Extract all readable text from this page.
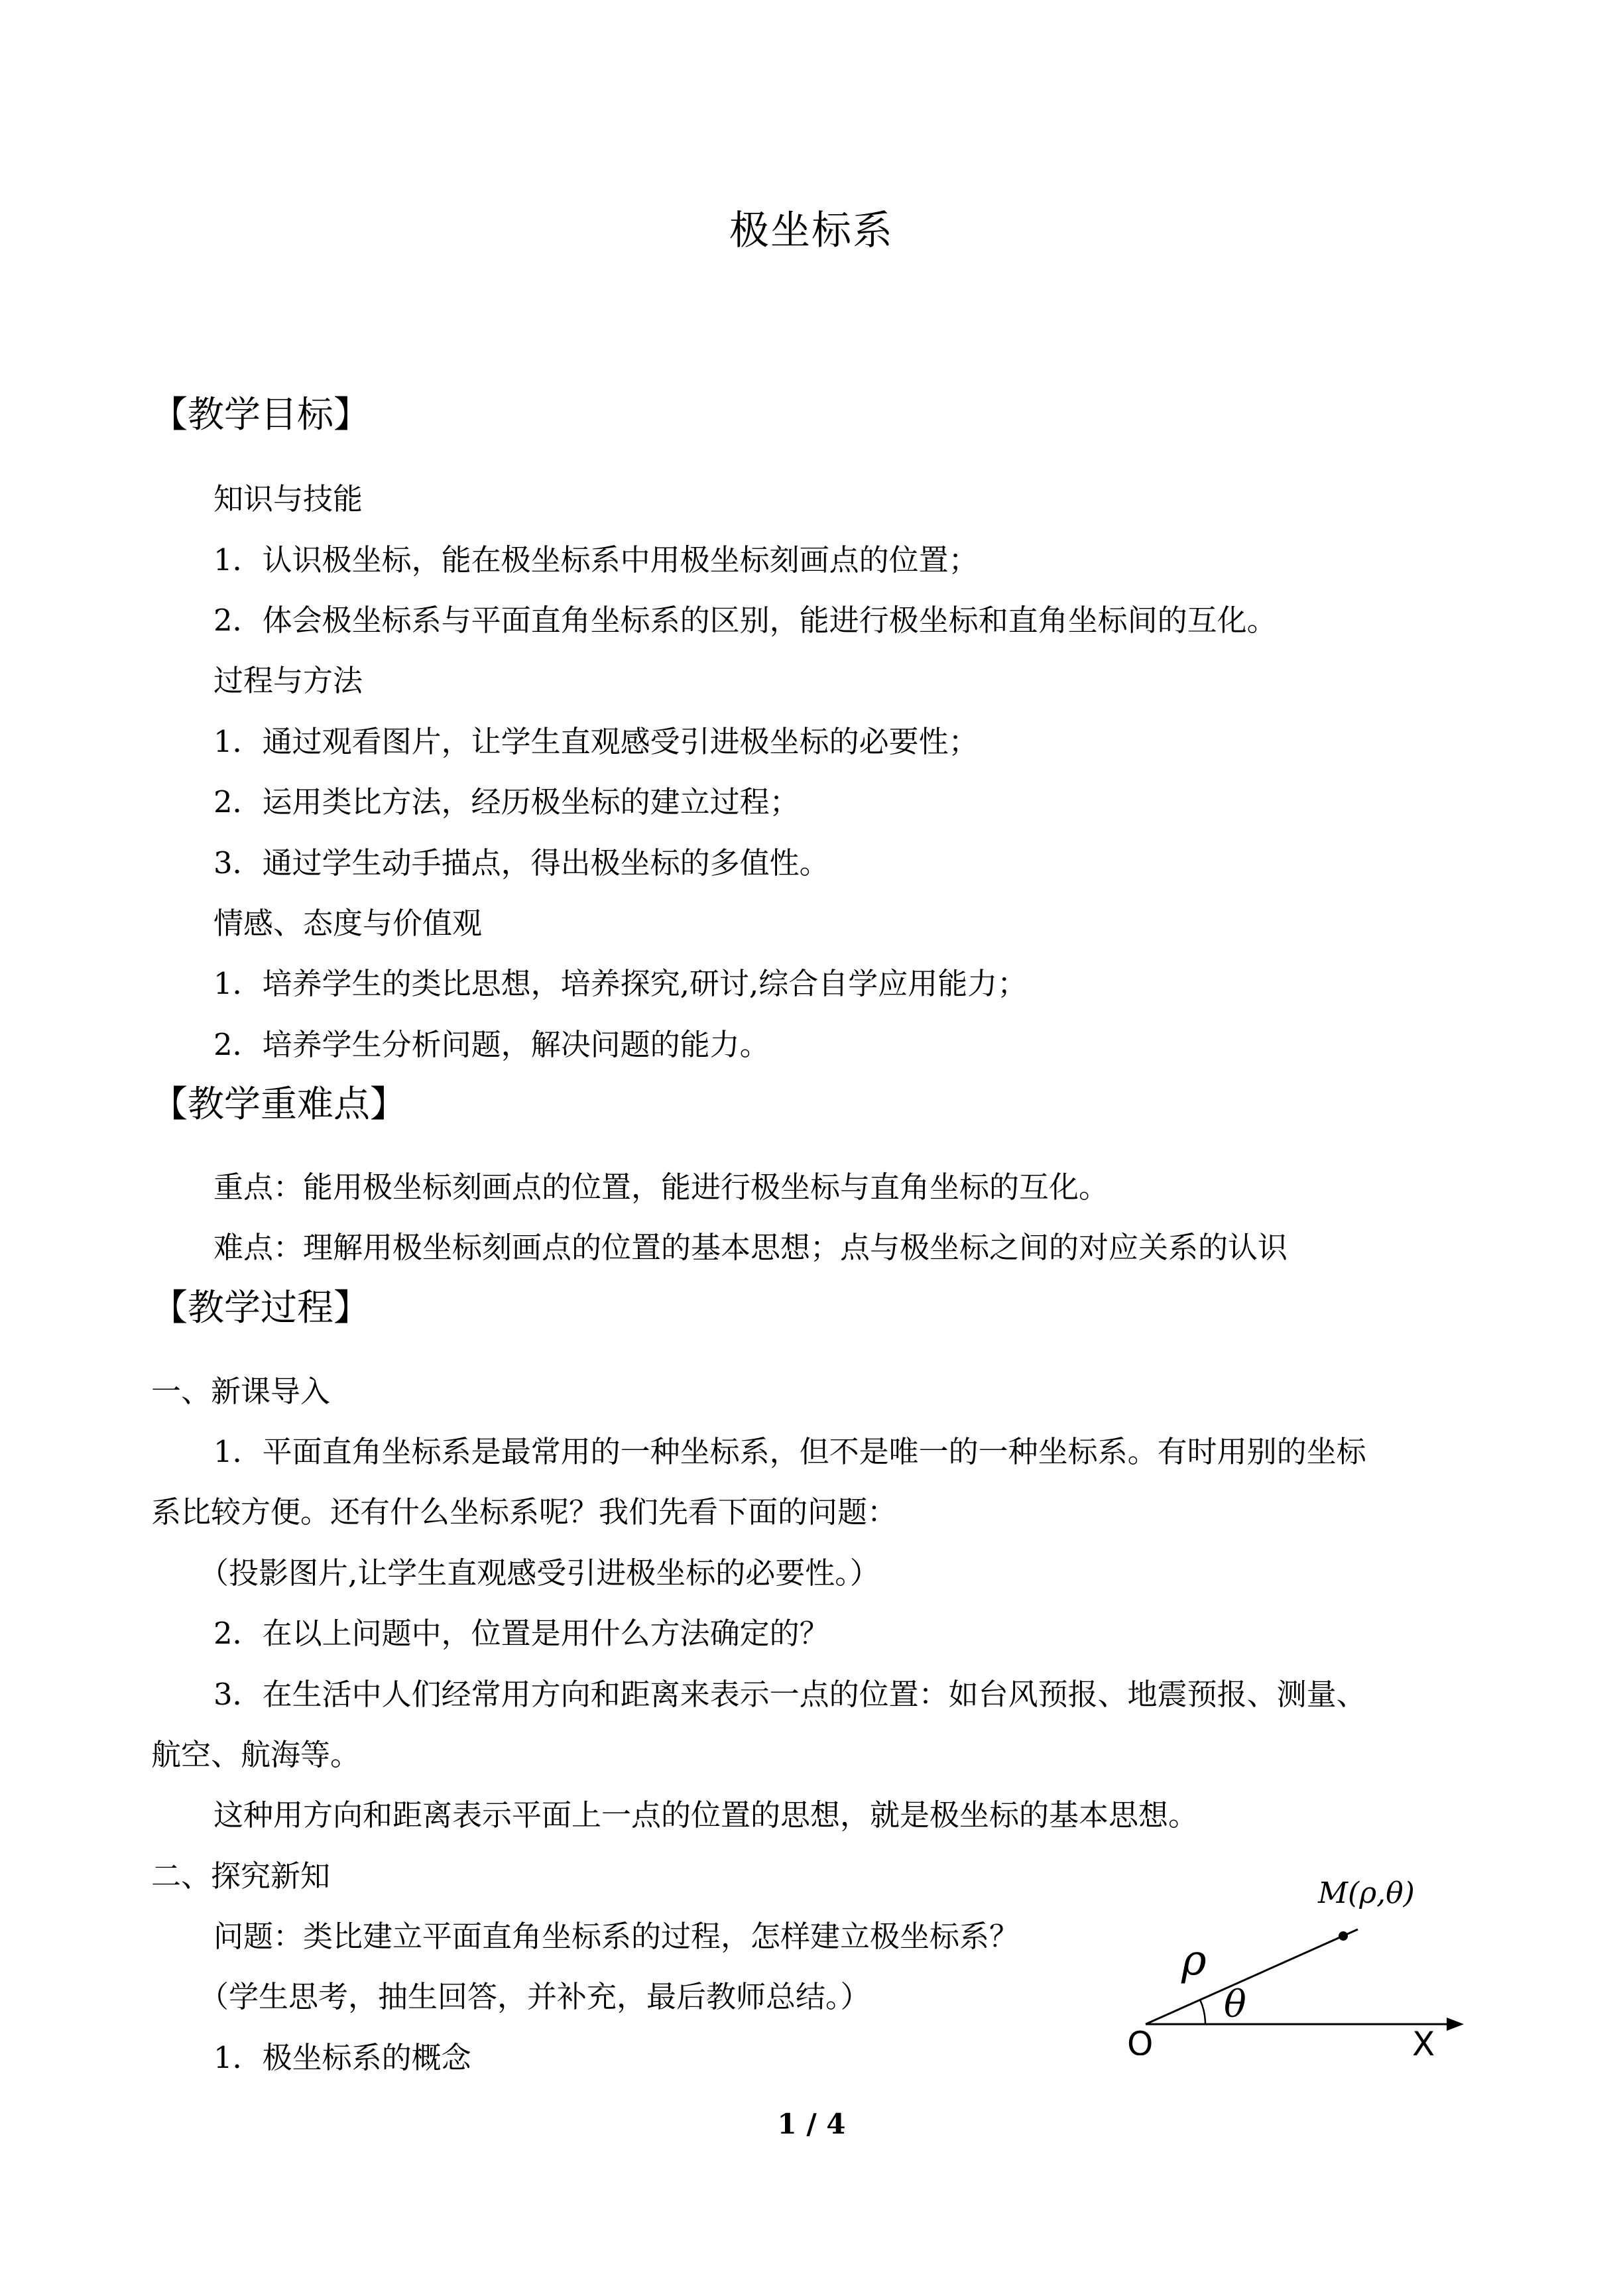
极坐标系
【教学目标】
知识与技能
1．认识极坐标，能在极坐标系中用极坐标刻画点的位置；
2．体会极坐标系与平面直角坐标系的区别，能进行极坐标和直角坐标间的互化。
过程与方法
1．通过观看图片，让学生直观感受引进极坐标的必要性；
2．运用类比方法，经历极坐标的建立过程；
3．通过学生动手描点，得出极坐标的多值性。
情感、态度与价值观
1．培养学生的类比思想，培养探究,研讨,综合自学应用能力；
2．培养学生分析问题，解决问题的能力。
【教学重难点】
重点：能用极坐标刻画点的位置，能进行极坐标与直角坐标的互化。
难点：理解用极坐标刻画点的位置的基本思想；点与极坐标之间的对应关系的认识
【教学过程】
一、新课导入
1．平面直角坐标系是最常用的一种坐标系，但不是唯一的一种坐标系。有时用别的坐标
系比较方便。还有什么坐标系呢？我们先看下面的问题：
（投影图片,让学生直观感受引进极坐标的必要性。）
2．在以上问题中，位置是用什么方法确定的？
3．在生活中人们经常用方向和距离来表示一点的位置：如台风预报、地震预报、测量、
航空、航海等。
这种用方向和距离表示平面上一点的位置的思想，就是极坐标的基本思想。
二、探究新知
问题：类比建立平面直角坐标系的过程，怎样建立极坐标系？
（学生思考，抽生回答，并补充，最后教师总结。）
1．极坐标系的概念
M(ρ,θ)
ρ
θ
O	X
1 / 4
